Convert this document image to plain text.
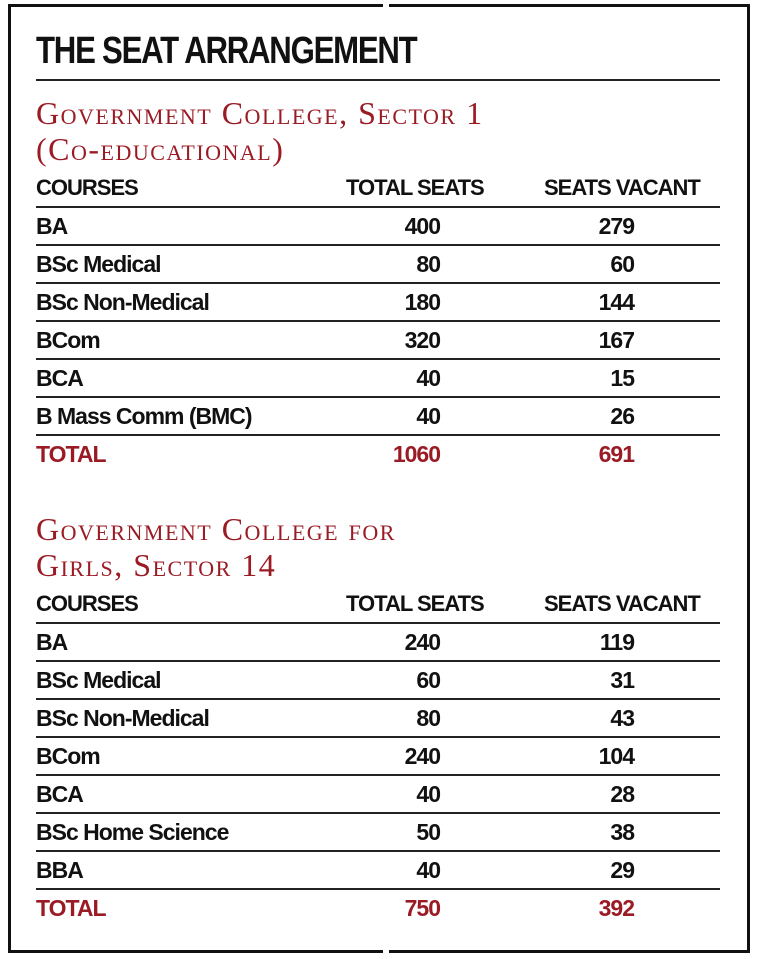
THE SEAT ARRANGEMENT
Government College, Sector 1
(Co-educational)
COURSES	TOTAL SEATS	SEATS VACANT
BA	400	279
BSc Medical	80	60
BSc Non-Medical	180	144
BCom	320	167
BCA	40	15
B Mass Comm (BMC)	40	26
TOTAL	1060	691
Government College for
Girls, Sector 14
COURSES	TOTAL SEATS	SEATS VACANT
BA	240	119
BSc Medical	60	31
BSc Non-Medical	80	43
BCom	240	104
BCA	40	28
BSc Home Science	50	38
BBA	40	29
TOTAL	750	392
